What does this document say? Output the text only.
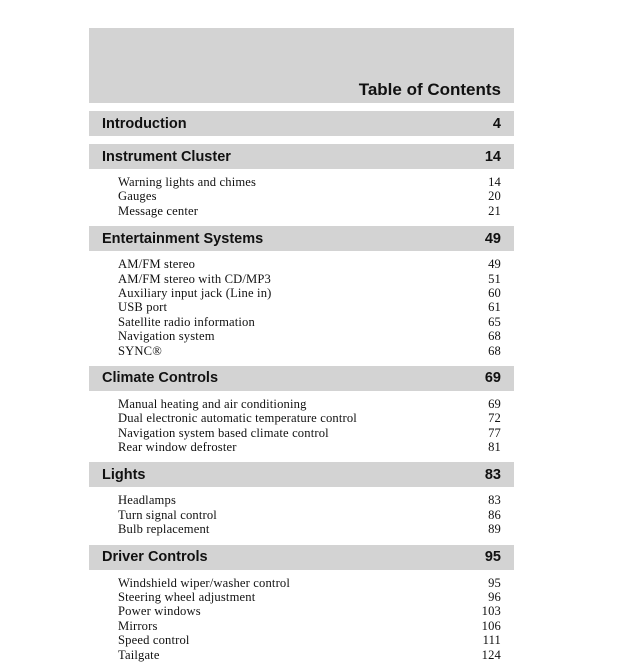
Table of Contents
Introduction	4
Instrument Cluster	14
Warning lights and chimes	14
Gauges	20
Message center	21
Entertainment Systems	49
AM/FM stereo	49
AM/FM stereo with CD/MP3	51
Auxiliary input jack (Line in)	60
USB port	61
Satellite radio information	65
Navigation system	68
SYNC®	68
Climate Controls	69
Manual heating and air conditioning	69
Dual electronic automatic temperature control	72
Navigation system based climate control	77
Rear window defroster	81
Lights	83
Headlamps	83
Turn signal control	86
Bulb replacement	89
Driver Controls	95
Windshield wiper/washer control	95
Steering wheel adjustment	96
Power windows	103
Mirrors	106
Speed control	111
Tailgate	124
